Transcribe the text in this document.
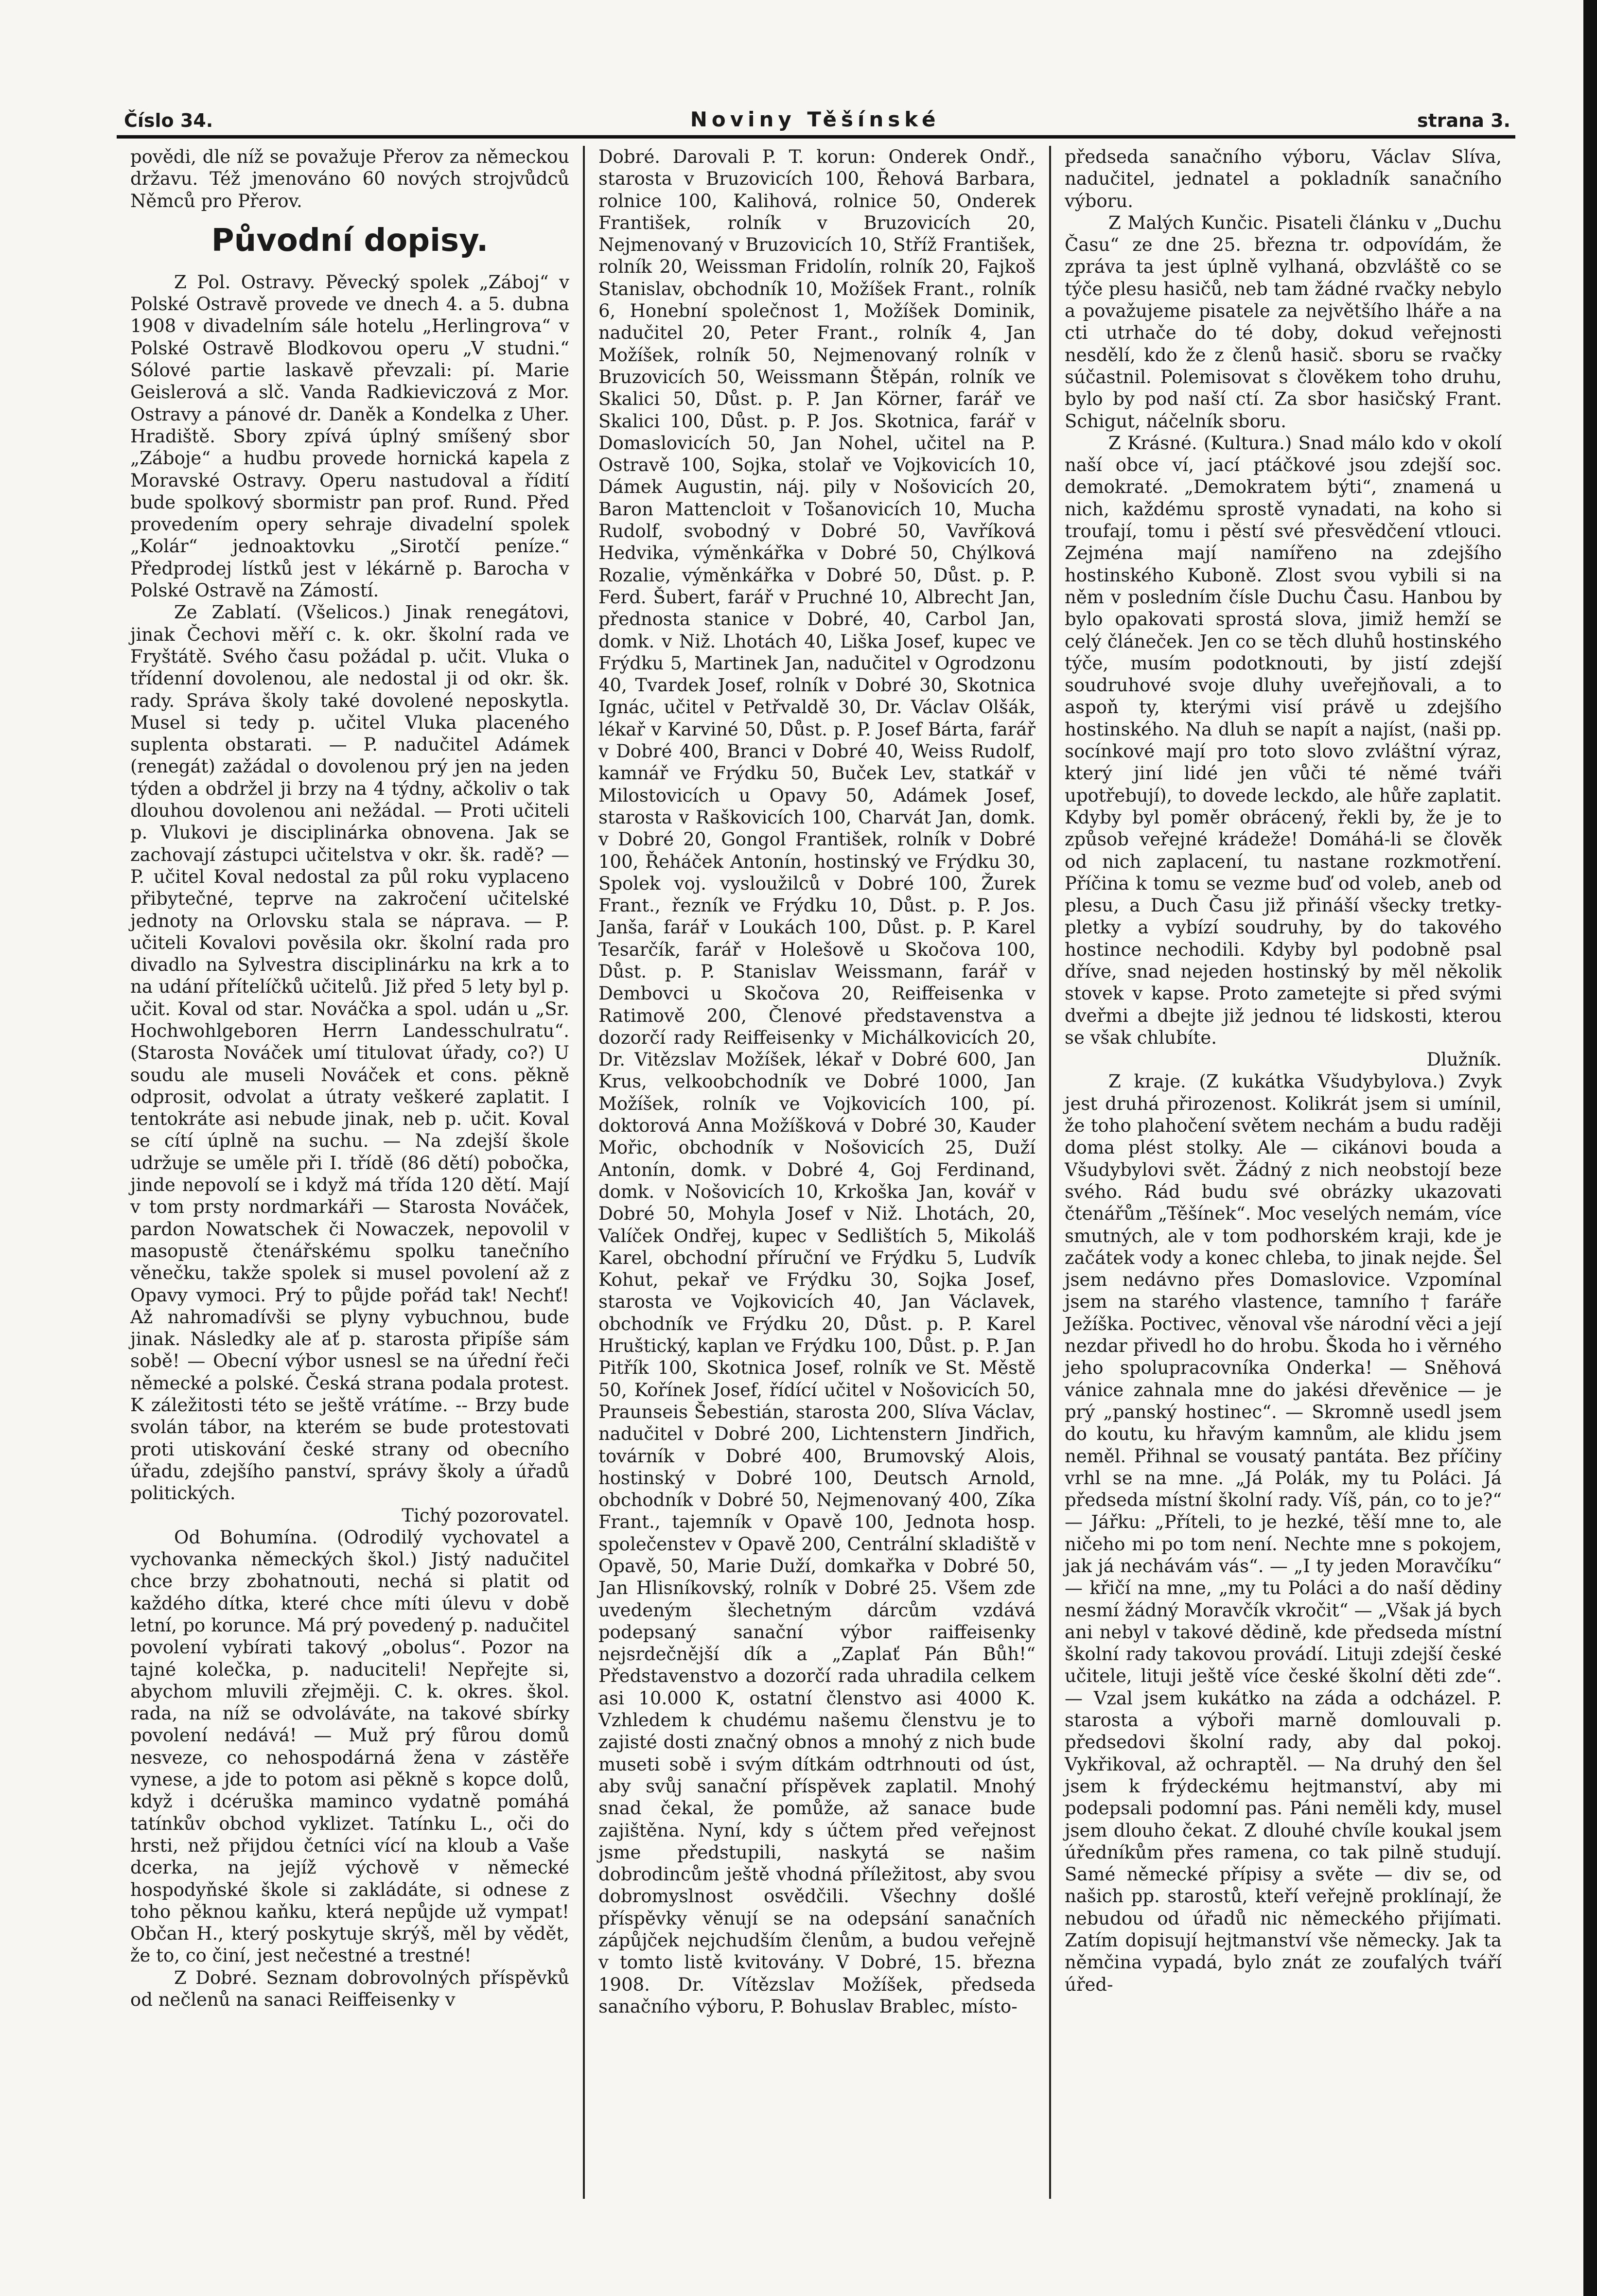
Číslo 34.	Noviny Těšínské	strana 3.

povědi, dle níž se považuje Přerov za německou državu. Též jmenováno 60 nových strojvůdců Němců pro Přerov.

Původní dopisy.

Z Pol. Ostravy. Pěvecký spolek „Záboj“ v Polské Ostravě provede ve dnech 4. a 5. dubna 1908 v divadelním sále hotelu „Herlingrova“ v Polské Ostravě Blodkovou operu „V studni.“ Sólové partie laskavě převzali: pí. Marie Geislerová a slč. Vanda Radkieviczová z Mor. Ostravy a pánové dr. Daněk a Kondelka z Uher. Hradiště. Sbory zpívá úplný smíšený sbor „Záboje“ a hudbu provede hornická kapela z Moravské Ostravy. Operu nastudoval a řídití bude spolkový sbormistr pan prof. Rund. Před provedením opery sehraje divadelní spolek „Kolár“ jednoaktovku „Sirotčí peníze.“ Předprodej lístků jest v lékárně p. Barocha v Polské Ostravě na Zámostí.

Ze Zablatí. (Všelicos.) Jinak renegátovi, jinak Čechovi měří c. k. okr. školní rada ve Fryštátě. Svého času požádal p. učit. Vluka o třídenní dovolenou, ale nedostal ji od okr. šk. rady. Správa školy také dovolené neposkytla. Musel si tedy p. učitel Vluka placeného suplenta obstarati. — P. nadučitel Adámek (renegát) zažádal o dovolenou prý jen na jeden týden a obdržel ji brzy na 4 týdny, ačkoliv o tak dlouhou dovolenou ani nežádal. — Proti učiteli p. Vlukovi je disciplinárka obnovena. Jak se zachovají zástupci učitelstva v okr. šk. radě? — P. učitel Koval nedostal za půl roku vyplaceno přibytečné, teprve na zakročení učitelské jednoty na Orlovsku stala se náprava. — P. učiteli Kovalovi pověsila okr. školní rada pro divadlo na Sylvestra disciplinárku na krk a to na udání přítelíčků učitelů. Již před 5 lety byl p. učit. Koval od star. Nováčka a spol. udán u „Sr. Hochwohlgeboren Herrn Landesschulratu“. (Starosta Nováček umí titulovat úřady, co?) U soudu ale museli Nováček et cons. pěkně odprosit, odvolat a útraty veškeré zaplatit. I tentokráte asi nebude jinak, neb p. učit. Koval se cítí úplně na suchu. — Na zdejší škole udržuje se uměle při I. třídě (86 dětí) pobočka, jinde nepovolí se i když má třída 120 dětí. Mají v tom prsty nordmarkáři — Starosta Nováček, pardon Nowatschek či Nowaczek, nepovolil v masopustě čtenářskému spolku tanečního věnečku, takže spolek si musel povolení až z Opavy vymoci. Prý to půjde pořád tak! Nechť! Až nahromadívši se plyny vybuchnou, bude jinak. Následky ale ať p. starosta připíše sám sobě! — Obecní výbor usnesl se na úřední řeči německé a polské. Česká strana podala protest. K záležitosti této se ještě vrátíme. -- Brzy bude svolán tábor, na kterém se bude protestovati proti utiskování české strany od obecního úřadu, zdejšího panství, správy školy a úřadů politických.

Tichý pozorovatel.

Od Bohumína. (Odrodilý vychovatel a vychovanka německých škol.) Jistý nadučitel chce brzy zbohatnouti, nechá si platit od každého dítka, které chce míti úlevu v době letní, po koruncе. Má prý povedený p. nadučitel povolení vybírati takový „obolus“. Pozor na tajné kolečka, p. naduciteli! Nepřejte si, abychom mluvili zřejměji. C. k. okres. škol. rada, na níž se odvoláváte, na takové sbírky povolení nedává! — Muž prý fůrou domů nesveze, co nehospodárná žena v zástěře vynese, a jde to potom asi pěkně s kopce dolů, když i dcéruška maminco vydatně pomáhá tatínkův obchod vyklizet. Tatínku L., oči do hrsti, než přijdou četníci vící na kloub a Vaše dcerka, na jejíž výchově v německé hospodyňské škole si zakládáte, si odnese z toho pěknou kaňku, která nepůjde už vympat! Občan H., který poskytuje skrýš, měl by vědět, že to, co činí, jest nečestné a trestné!

Z Dobré. Seznam dobrovolných příspěvků od nečlenů na sanaci Reiffeisenky v

Dobré. Darovali P. T. korun: Onderek Ondř., starosta v Bruzovicích 100, Řehová Barbara, rolnice 100, Kalihová, rolnice 50, Onderek František, rolník v Bruzovicích 20, Nejmenovaný v Bruzovicích 10, Stříž František, rolník 20, Weissman Fridolín, rolník 20, Fajkoš Stanislav, obchodník 10, Možíšek Frant., rolník 6, Honební společnost 1, Možíšek Dominik, nadučitel 20, Peter Frant., rolník 4, Jan Možíšek, rolník 50, Nejmenovaný rolník v Bruzovicích 50, Weissmann Štěpán, rolník ve Skalici 50, Důst. p. P. Jan Körner, farář ve Skalici 100, Důst. p. P. Jos. Skotnica, farář v Domaslovicích 50, Jan Nohel, učitel na P. Ostravě 100, Sojka, stolař ve Vojkovicích 10, Dámek Augustin, náj. pily v Nošovicích 20, Baron Mattencloit v Tošanovicích 10, Mucha Rudolf, svobodný v Dobré 50, Vavříková Hedvika, výměnkářka v Dobré 50, Chýlková Rozalie, výměnkářka v Dobré 50, Důst. p. P. Ferd. Šubert, farář v Pruchné 10, Albrecht Jan, přednosta stanice v Dobré, 40, Carbol Jan, domk. v Niž. Lhotách 40, Liška Josef, kupec ve Frýdku 5, Martinek Jan, nadučitel v Ogrodzonu 40, Tvardek Josef, rolník v Dobré 30, Skotnica Ignác, učitel v Petřvaldě 30, Dr. Václav Olšák, lékař v Karviné 50, Důst. p. P. Josef Bárta, farář v Dobré 400, Branci v Dobré 40, Weiss Rudolf, kamnář ve Frýdku 50, Buček Lev, statkář v Milostovicích u Opavy 50, Adámek Josef, starosta v Raškovicích 100, Charvát Jan, domk. v Dobré 20, Gongol František, rolník v Dobré 100, Řeháček Antonín, hostinský ve Frýdku 30, Spolek voj. vysloužilců v Dobré 100, Žurek Frant., řezník ve Frýdku 10, Důst. p. P. Jos. Janša, farář v Loukách 100, Důst. p. P. Karel Tesarčík, farář v Holešově u Skočova 100, Důst. p. P. Stanislav Weissmann, farář v Dembovci u Skočova 20, Reiffeisenka v Ratimově 200, Členové představenstva a dozorčí rady Reiffeisenky v Michálkovicích 20, Dr. Vitězslav Možíšek, lékař v Dobré 600, Jan Krus, velkoobchodník ve Dobré 1000, Jan Možíšek, rolník ve Vojkovicích 100, pí. doktorová Anna Možíšková v Dobré 30, Kauder Mořic, obchodník v Nošovicích 25, Duží Antonín, domk. v Dobré 4, Goj Ferdinand, domk. v Nošovicích 10, Krkoška Jan, kovář v Dobré 50, Mohyla Josef v Niž. Lhotách, 20, Valíček Ondřej, kupec v Sedlištích 5, Mikoláš Karel, obchodní příruční ve Frýdku 5, Ludvík Kohut, pekař ve Frýdku 30, Sojka Josef, starosta ve Vojkovicích 40, Jan Václavek, obchodník ve Frýdku 20, Důst. p. P. Karel Hruštický, kaplan ve Frýdku 100, Důst. p. P. Jan Pitřík 100, Skotnica Josef, rolník ve St. Městě 50, Kořínek Josef, řídící učitel v Nošovicích 50, Praunseis Šebestián, starosta 200, Slíva Václav, nadučitel v Dobré 200, Lichtenstern Jindřich, továrník v Dobré 400, Brumovský Alois, hostinský v Dobré 100, Deutsch Arnold, obchodník v Dobré 50, Nejmenovaný 400, Zíka Frant., tajemník v Opavě 100, Jednota hosp. společenstev v Opavě 200, Centrální skladiště v Opavě, 50, Marie Duží, domkařka v Dobré 50, Jan Hlisníkovský, rolník v Dobré 25. Všem zde uvedeným šlechetným dárcům vzdává podepsaný sanační výbor raiffeisenky nejsrdečnější dík a „Zaplať Pán Bůh!“ Představenstvo a dozorčí rada uhradila celkem asi 10.000 K, ostatní členstvo asi 4000 K. Vzhledem k chudému našemu členstvu je to zajisté dosti značný obnos a mnohý z nich bude museti sobě i svým dítkám odtrhnouti od úst, aby svůj sanační příspěvek zaplatil. Mnohý snad čekal, že pomůže, až sanace bude zajištěna. Nyní, kdy s účtem před veřejnost jsme předstupili, naskytá se našim dobrodincům ještě vhodná příležitost, aby svou dobromyslnost osvědčili. Všechny došlé příspěvky věnují se na odepsání sanačních zápůjček nejchudším členům, a budou veřejně v tomto listě kvitovány. V Dobré, 15. března 1908. Dr. Vítězslav Možíšek, předseda sanačního výboru, P. Bohuslav Brablec, místo-

předseda sanačního výboru, Václav Slíva, nadučitel, jednatel a pokladník sanačního výboru.

Z Malých Kunčic. Pisateli článku v „Duchu Času“ ze dne 25. března tr. odpovídám, že zpráva ta jest úplně vylhaná, obzvláště co se týče plesu hasičů, neb tam žádné rvačky nebylo a považujeme pisatele za největšího lháře a na cti utrhače do té doby, dokud veřejnosti nesdělí, kdo že z členů hasič. sboru se rvačky súčastnil. Polemisovat s člověkem toho druhu, bylo by pod naší ctí. Za sbor hasičský Frant. Schigut, náčelník sboru.

Z Krásné. (Kultura.) Snad málo kdo v okolí naší obce ví, jací ptáčkové jsou zdejší soc. demokraté. „Demokratem býti“, znamená u nich, každému sprostě vynadati, na koho si troufají, tomu i pěstí své přesvědčení vtlouci. Zejména mají namířeno na zdejšího hostinského Kuboně. Zlost svou vybili si na něm v posledním čísle Duchu Času. Hanbou by bylo opakovati sprostá slova, jimiž hemží se celý článeček. Jen co se těch dluhů hostinského týče, musím podotknouti, by jistí zdejší soudruhové svoje dluhy uveřejňovali, a to aspoň ty, kterými visí právě u zdejšího hostinského. Na dluh se napít a najíst, (naši pp. socínkové mají pro toto slovo zvláštní výraz, který jiní lidé jen vůči té němé tváři upotřebují), to dovede leckdo, ale hůře zaplatit. Kdyby byl poměr obrácený, řekli by, že je to způsob veřejné krádeže! Domáhá-li se člověk od nich zaplacení, tu nastane rozkmotření. Příčina k tomu se vezme buď od voleb, aneb od plesu, a Duch Času již přináší všecky tretky-pletky a vybízí soudruhy, by do takového hostince nechodili. Kdyby byl podobně psal dříve, snad nejeden hostinský by měl několik stovek v kapse. Proto zametejte si před svými dveřmi a dbejte již jednou té lidskosti, kterou se však chlubíte.

Dlužník.

Z kraje. (Z kukátka Všudybylova.) Zvyk jest druhá přirozenost. Kolikrát jsem si umínil, že toho plahočení světem nechám a budu raději doma plést stolky. Ale — cikánovi bouda a Všudybylovi svět. Žádný z nich neobstojí beze svého. Rád budu své obrázky ukazovati čtenářům „Těšínek“. Moc veselých nemám, více smutných, ale v tom podhorském kraji, kde je začátek vody a konec chleba, to jinak nejde. Šel jsem nedávno přes Domaslovice. Vzpomínal jsem na starého vlastence, tamního † faráře Ježíška. Poctivec, věnoval vše národní věci a její nezdar přivedl ho do hrobu. Škoda ho i věrného jeho spolupracovníka Onderka! — Sněhová vánice zahnala mne do jakési dřevěnice — je prý „panský hostinec“. — Skromně usedl jsem do koutu, ku hřavým kamnům, ale klidu jsem neměl. Přihnal se vousatý pantáta. Bez příčiny vrhl se na mne. „Já Polák, my tu Poláci. Já předseda místní školní rady. Víš, pán, co to je?“ — Jářku: „Příteli, to je hezké, těší mne to, ale ničeho mi po tom není. Nechte mne s pokojem, jak já nechávám vás“. — „I ty jeden Moravčíku“ — křičí na mne, „my tu Poláci a do naší dědiny nesmí žádný Moravčík vkročit“ — „Však já bych ani nebyl v takové dědině, kde předseda místní školní rady takovou provádí. Lituji zdejší české učitele, lituji ještě více české školní děti zde“. — Vzal jsem kukátko na záda a odcházel. P. starosta a výboři marně domlouvali p. předsedovi školní rady, aby dal pokoj. Vykřikoval, až ochraptěl. — Na druhý den šel jsem k frýdeckému hejtmanství, aby mi podepsali podomní pas. Páni neměli kdy, musel jsem dlouho čekat. Z dlouhé chvíle koukal jsem úředníkům přes ramena, co tak pilně studují. Samé německé přípisy a světe — div se, od našich pp. starostů, kteří veřejně proklínají, že nebudou od úřadů nic německého přijímati. Zatím dopisují hejtmanství vše německy. Jak ta němčina vypadá, bylo znát ze zoufalých tváří úřed-
